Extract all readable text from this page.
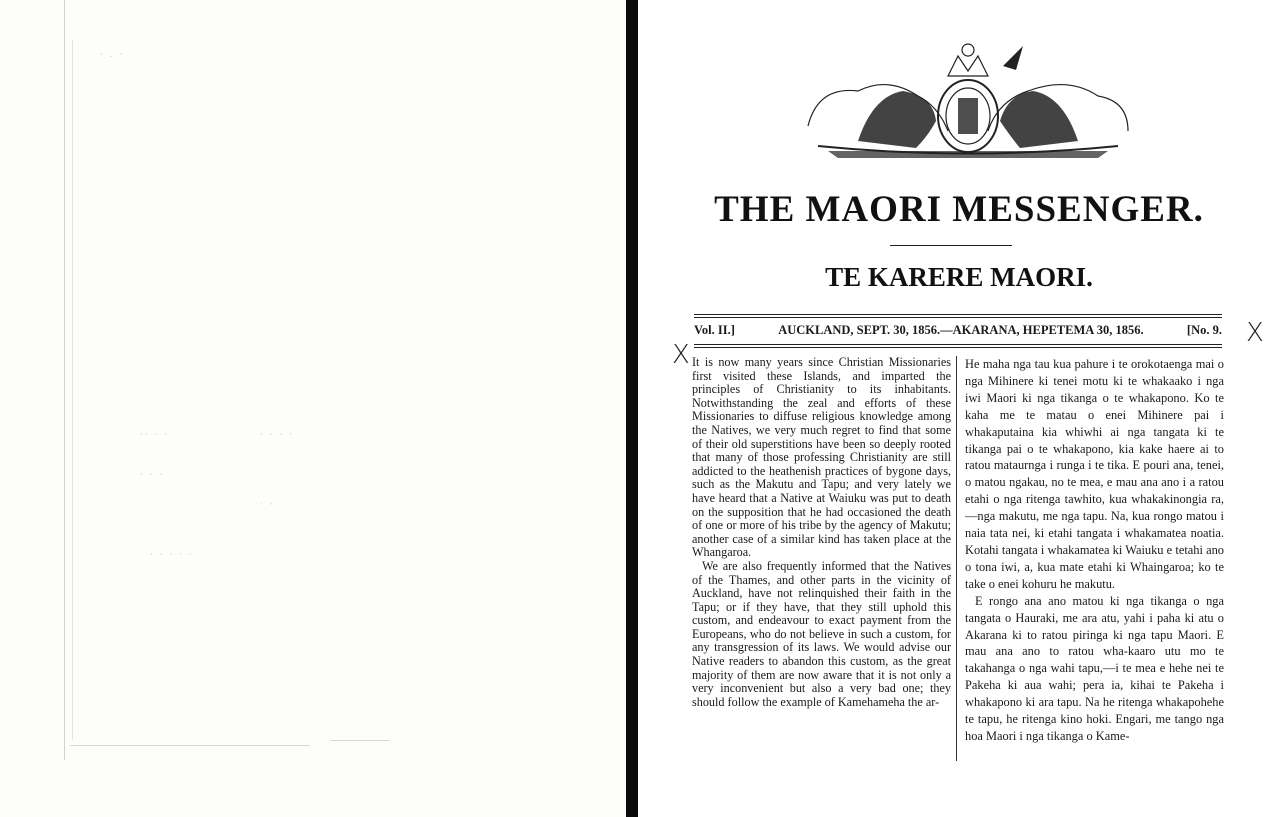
· . ·
·· · ·
· · ·
· · · ·
· ·
· · · · ·
THE MAORI MESSENGER.
TE KARERE MAORI.
Vol. II.]	AUCKLAND, SEPT. 30, 1856.—AKARANA, HEPETEMA 30, 1856.	[No. 9.
X
X

It is now many years since Christian Missionaries first visited these Islands, and imparted the principles of Christianity to its inhabitants. Notwithstanding the zeal and efforts of these Missionaries to diffuse religious knowledge among the Natives, we very much regret to find that some of their old superstitions have been so deeply rooted that many of those professing Christianity are still addicted to the heathenish practices of bygone days, such as the Makutu and Tapu; and very lately we have heard that a Native at Waiuku was put to death on the supposition that he had occasioned the death of one or more of his tribe by the agency of Makutu; another case of a similar kind has taken place at the Whangaroa.

We are also frequently informed that the Natives of the Thames, and other parts in the vicinity of Auckland, have not relinquished their faith in the Tapu; or if they have, that they still uphold this custom, and endeavour to exact payment from the Europeans, who do not believe in such a custom, for any transgression of its laws. We would advise our Native readers to abandon this custom, as the great majority of them are now aware that it is not only a very inconvenient but also a very bad one; they should follow the example of Kamehameha the ar-

He maha nga tau kua pahure i te orokotaenga mai o nga Mihinere ki tenei motu ki te whakaako i nga iwi Maori ki nga tikanga o te whakapono. Ko te kaha me te matau o enei Mihinere pai i whakaputaina kia whiwhi ai nga tangata ki te tikanga pai o te whakapono, kia kake haere ai to ratou mataurnga i runga i te tika. E pouri ana, tenei, o matou ngakau, no te mea, e mau ana ano i a ratou etahi o nga ritenga tawhito, kua whakakinongia ra,—nga makutu, me nga tapu. Na, kua rongo matou i naia tata nei, ki etahi tangata i whakamatea noatia. Kotahi tangata i whakamatea ki Waiuku e tetahi ano o tona iwi, a, kua mate etahi ki Whaingaroa; ko te take o enei kohuru he makutu.

E rongo ana ano matou ki nga tikanga o nga tangata o Hauraki, me ara atu, yahi i paha ki atu o Akarana ki to ratou piringa ki nga tapu Maori. E mau ana ano to ratou wha-kaaro utu mo te takahanga o nga wahi tapu,—i te mea e hehe nei te Pakeha ki aua wahi; pera ia, kihai te Pakeha i whakapono ki ara tapu. Na he ritenga whakapohehe te tapu, he ritenga kino hoki. Engari, me tango nga hoa Maori i nga tikanga o Kame-
